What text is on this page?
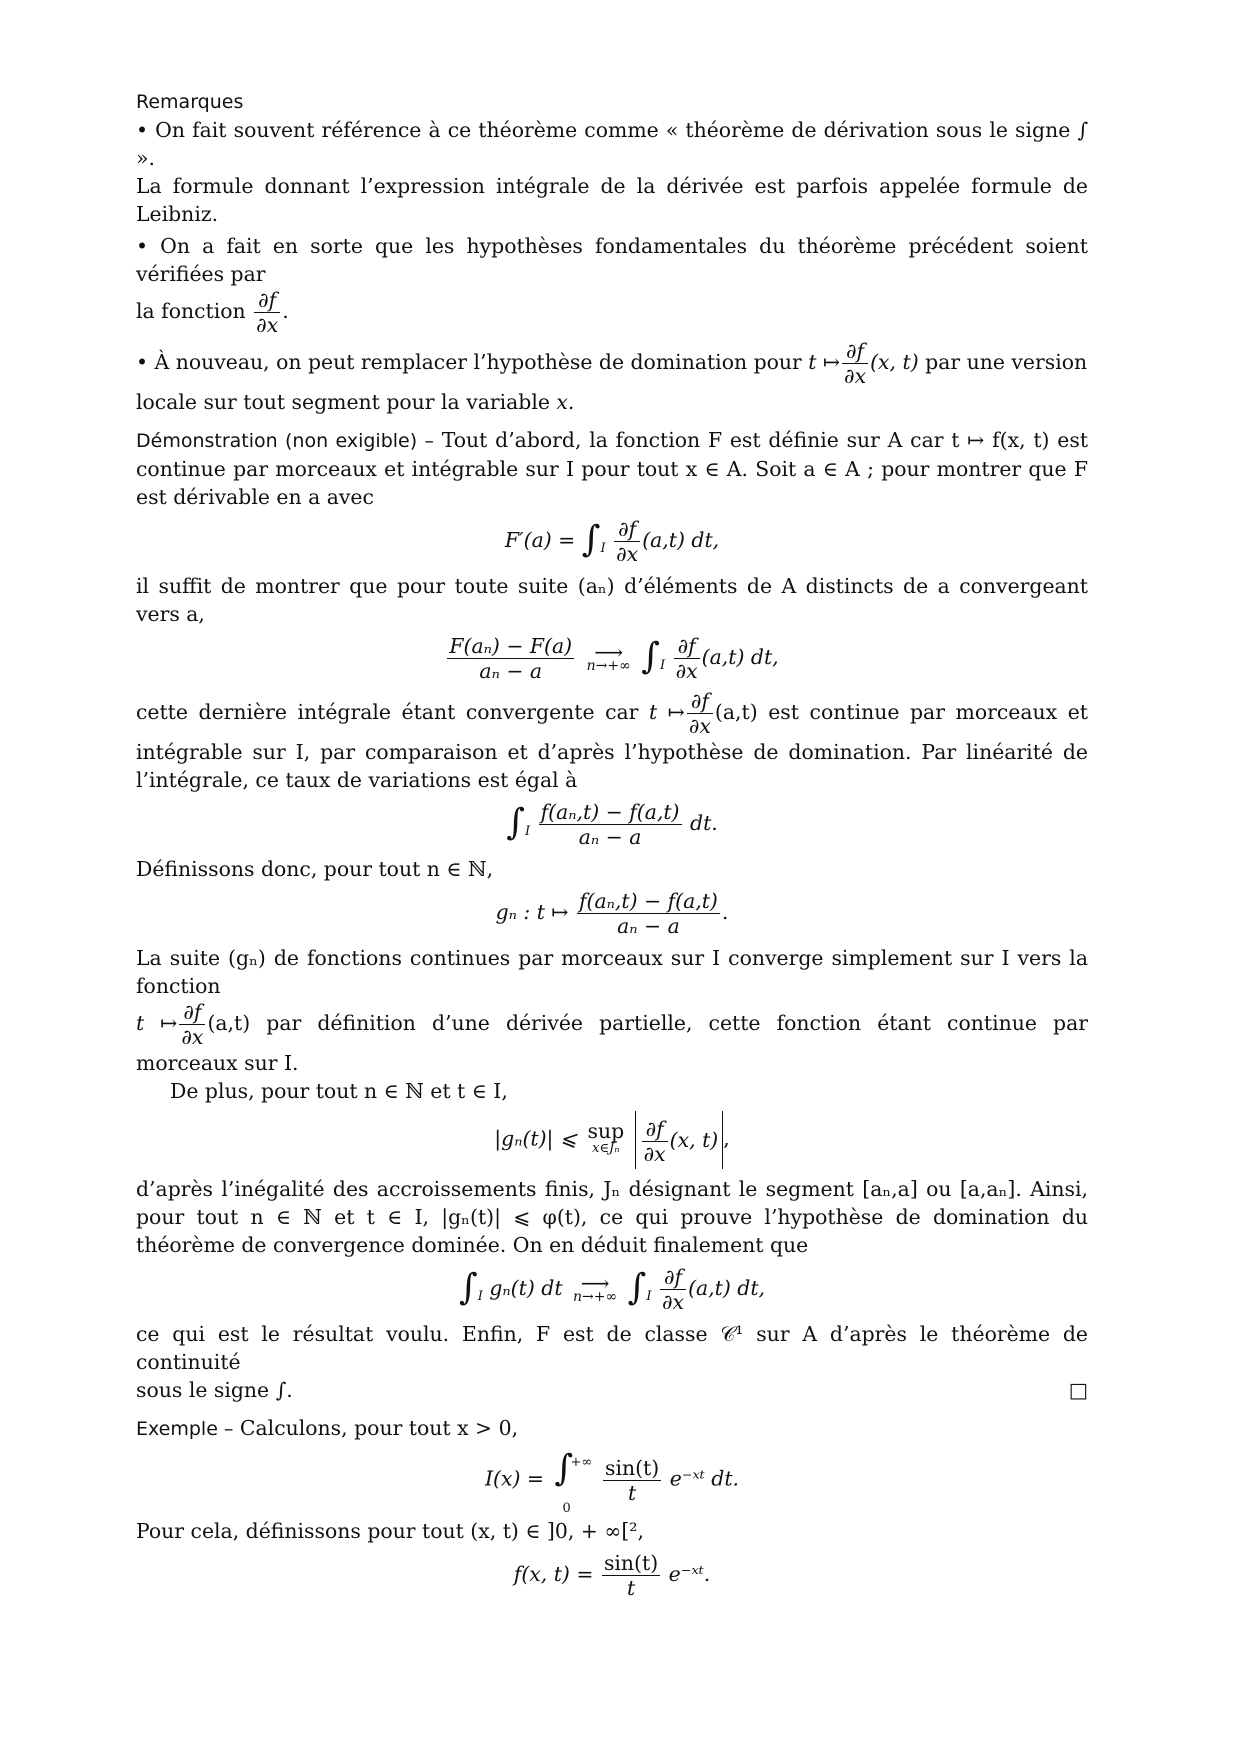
Remarques

• On fait souvent référence à ce théorème comme « théorème de dérivation sous le signe ∫ ».

La formule donnant l’expression intégrale de la dérivée est parfois appelée formule de Leibniz.

• On a fait en sorte que les hypothèses fondamentales du théorème précédent soient vérifiées par

la fonction $\frac{\partial f}{\partial x}$ .

• À nouveau, on peut remplacer l’hypothèse de domination pour t ↦ $\frac{\partial f}{\partial x} (x$, t) par une version

locale sur tout segment pour la variable x.

Démonstration (non exigible) – Tout d’abord, la fonction F est définie sur A car t ↦ f(x, t) est continue par morceaux et intégrable sur I pour tout x ∈ A. Soit a ∈ A ; pour montrer que F est dérivable en a avec

$F'(a) = \int_I \frac{\partial f}{\partial x} (a,t)$ dt,

il suffit de montrer que pour toute suite (aₙ) d’éléments de A distincts de a convergeant vers a,

$\frac{\text{F(aₙ) − F(a)}}{\text{aₙ − a}}$
	⟶
n→+∞ $\int_I \frac{\partial f}{\partial x} (a,t)$ dt,

cette dernière intégrale étant convergente car t ↦ $\frac{\partial f}{\partial x} (a,t)$ est continue par morceaux et intégrable sur I, par comparaison et d’après l’hypothèse de domination. Par linéarité de l’intégrale, ce taux de variations est égal à

$\int_I \frac{\text{f(aₙ,t) − f(a,t)}}{\text{aₙ − a}}$ dt.

Définissons donc, pour tout n ∈ ℕ,

gₙ : t ↦ $\frac{\text{f(aₙ,t) − f(a,t)}}{\text{aₙ − a}}$ .

La suite (gₙ) de fonctions continues par morceaux sur I converge simplement sur I vers la fonction

t ↦ $\frac{\partial f}{\partial x} (a,t)$ par définition d’une dérivée partielle, cette fonction étant continue par morceaux sur I.

De plus, pour tout n ∈ ℕ et t ∈ I,

|gₙ(t)| ⩽ sup
x∈Jₙ
$\frac{\partial f}{\partial x} (x$, t) ,

d’après l’inégalité des accroissements finis, Jₙ désignant le segment [aₙ,a] ou [a,aₙ]. Ainsi, pour tout n ∈ ℕ et t ∈ I, |gₙ(t)| ⩽ φ(t), ce qui prouve l’hypothèse de domination du théorème de convergence dominée. On en déduit finalement que

$\int_I$ gₙ(t) dt ⟶
n→+∞ $\int_I \frac{\partial f}{\partial x} (a,t)$ dt,

ce qui est le résultat voulu. Enfin, F est de classe 𝒞¹ sur A d’après le théorème de continuité

sous le signe ∫.	□

Exemple – Calculons, pour tout x > 0,

I(x) = ∫
+∞
0

$\frac{\sin(t)}{t}$ e⁻ˣᵗ dt.

Pour cela, définissons pour tout (x, t) ∈ ]0, + ∞[²,

f(x, $t) = \frac{\sin(t)}{t}$ e⁻ˣᵗ.
